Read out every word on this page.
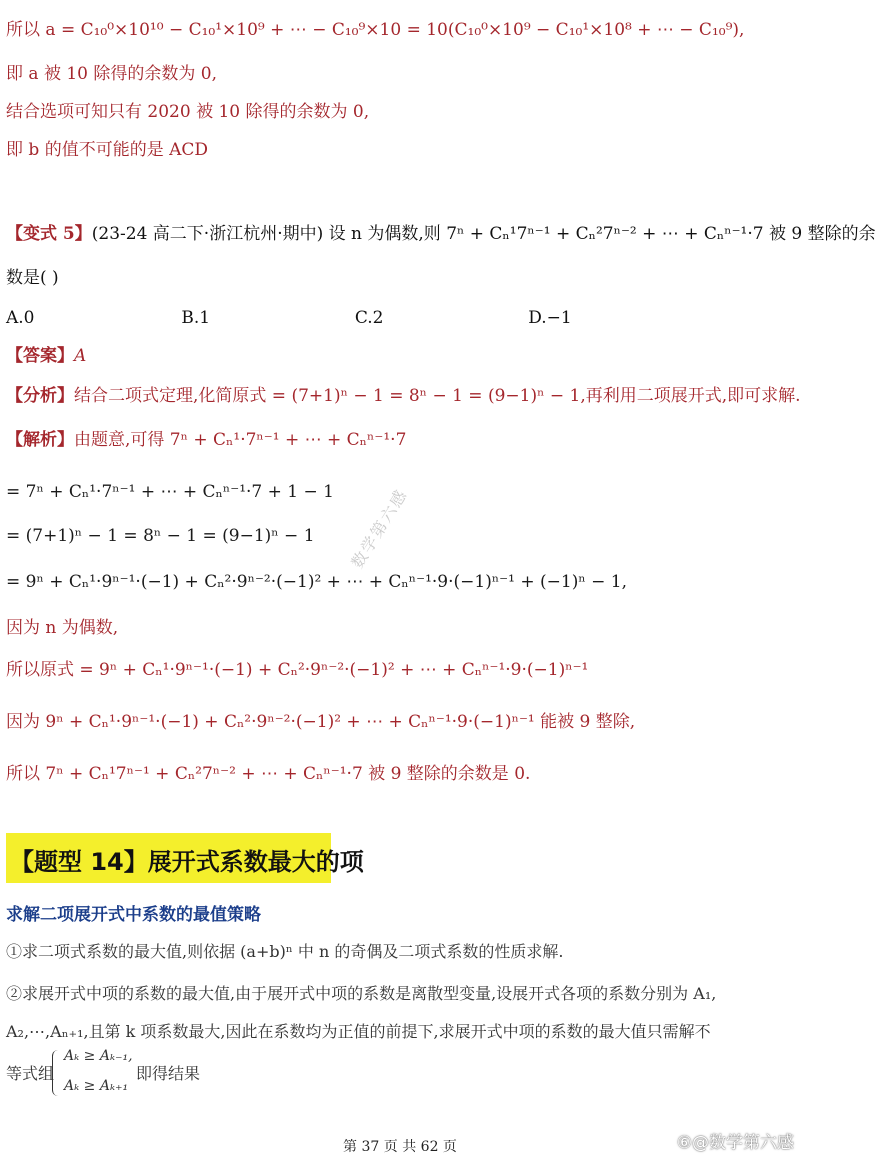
所以 a = C₁₀⁰×10¹⁰ − C₁₀¹×10⁹ + ⋯ − C₁₀⁹×10 = 10(C₁₀⁰×10⁹ − C₁₀¹×10⁸ + ⋯ − C₁₀⁹),
即 a 被 10 除得的余数为 0,
结合选项可知只有 2020 被 10 除得的余数为 0,
即 b 的值不可能的是 ACD
【变式 5】(23-24 高二下·浙江杭州·期中) 设 n 为偶数,则 7ⁿ + Cₙ¹7ⁿ⁻¹ + Cₙ²7ⁿ⁻² + ⋯ + Cₙⁿ⁻¹·7 被 9 整除的余
数是( )
A.0	B.1	C.2	D.−1
【答案】A
【分析】结合二项式定理,化简原式 = (7+1)ⁿ − 1 = 8ⁿ − 1 = (9−1)ⁿ − 1,再利用二项展开式,即可求解.
【解析】由题意,可得 7ⁿ + Cₙ¹·7ⁿ⁻¹ + ⋯ + Cₙⁿ⁻¹·7
= 7ⁿ + Cₙ¹·7ⁿ⁻¹ + ⋯ + Cₙⁿ⁻¹·7 + 1 − 1
= (7+1)ⁿ − 1 = 8ⁿ − 1 = (9−1)ⁿ − 1
= 9ⁿ + Cₙ¹·9ⁿ⁻¹·(−1) + Cₙ²·9ⁿ⁻²·(−1)² + ⋯ + Cₙⁿ⁻¹·9·(−1)ⁿ⁻¹ + (−1)ⁿ − 1,
因为 n 为偶数,
所以原式 = 9ⁿ + Cₙ¹·9ⁿ⁻¹·(−1) + Cₙ²·9ⁿ⁻²·(−1)² + ⋯ + Cₙⁿ⁻¹·9·(−1)ⁿ⁻¹
因为 9ⁿ + Cₙ¹·9ⁿ⁻¹·(−1) + Cₙ²·9ⁿ⁻²·(−1)² + ⋯ + Cₙⁿ⁻¹·9·(−1)ⁿ⁻¹ 能被 9 整除,
所以 7ⁿ + Cₙ¹7ⁿ⁻¹ + Cₙ²7ⁿ⁻² + ⋯ + Cₙⁿ⁻¹·7 被 9 整除的余数是 0.
数学第六感
【题型 14】展开式系数最大的项
求解二项展开式中系数的最值策略
①求二项式系数的最大值,则依据 (a+b)ⁿ 中 n 的奇偶及二项式系数的性质求解.
②求展开式中项的系数的最大值,由于展开式中项的系数是离散型变量,设展开式各项的系数分别为 A₁,
A₂,⋯,Aₙ₊₁,且第 k 项系数最大,因此在系数均为正值的前提下,求展开式中项的系数的最大值只需解不
等式组
Aₖ ≥ Aₖ₋₁,
Aₖ ≥ Aₖ₊₁
即得结果
第 37 页 共 62 页	⑥@数学第六感
